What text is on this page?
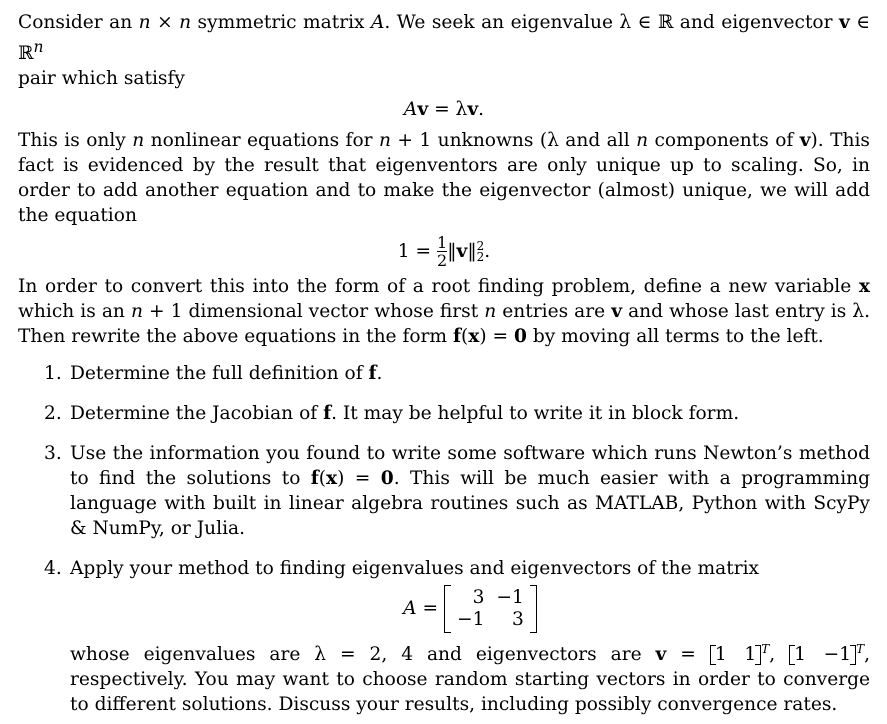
Consider an n × n symmetric matrix A. We seek an eigenvalue λ ∈ ℝ and eigenvector v ∈ ℝ$^n$
pair which satisfy

Av = λv.

This is only n nonlinear equations for n + 1 unknowns (λ and all n components of v). This fact is evidenced by the result that eigenventors are only unique up to scaling. So, in order to add another equation and to make the eigenvector (almost) unique, we will add the equation

$1 = \frac{1}{2}$ ‖v‖ 2
2 .

In order to convert this into the form of a root finding problem, define a new variable x which is an n + 1 dimensional vector whose first n entries are v and whose last entry is λ. Then rewrite the above equations in the form f(x) = 0 by moving all terms to the left.

1. Determine the full definition of f.
2. Determine the Jacobian of f. It may be helpful to write it in block form.
3. Use the information you found to write some software which runs Newton’s method to find the solutions to f(x) = 0. This will be much easier with a programming language with built in linear algebra routines such as MATLAB, Python with ScyPy & NumPy, or Julia.

4. Apply your method to finding eigenvalues and eigenvectors of the matrix
A =
3	−1
−1	3

whose eigenvalues are λ = 2, 4 and eigenvectors are v = 1   1 $^T$, 1   −1 $^T$, respectively. You may want to choose random starting vectors in order to converge to different solutions. Discuss your results, including possibly convergence rates.
